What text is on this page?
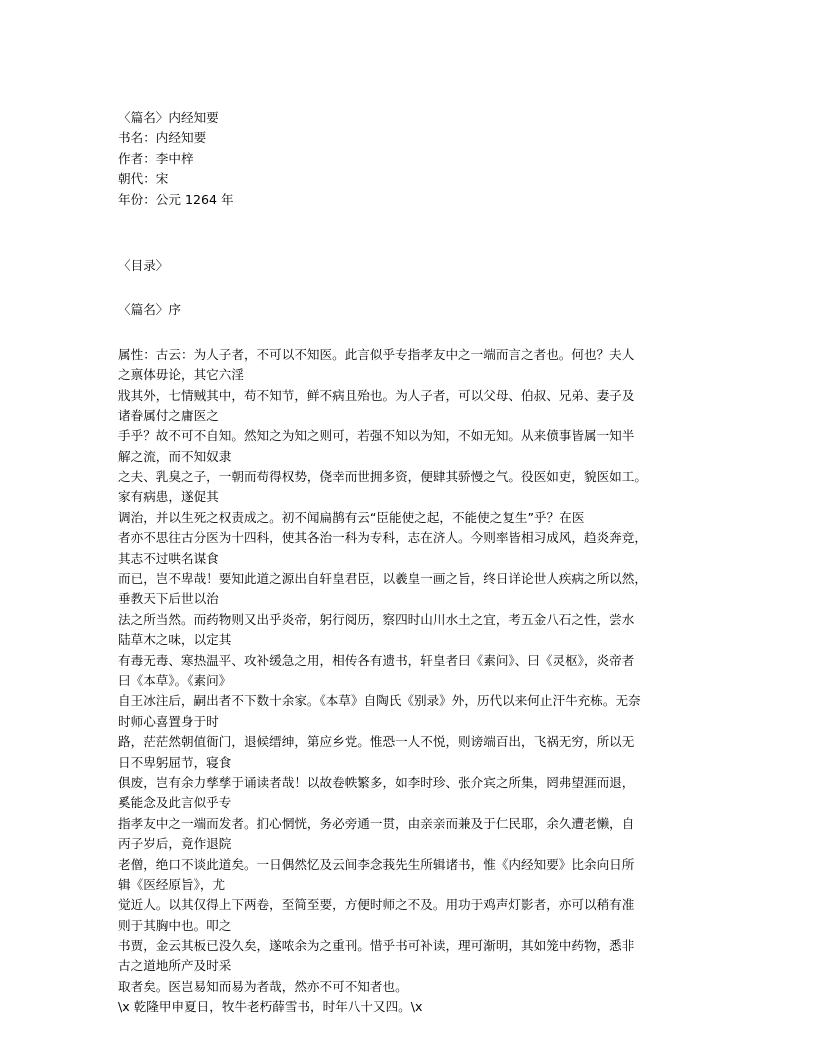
〈篇名〉内经知要
书名：内经知要
作者：李中梓
朝代：宋
年份：公元 1264 年
〈目录〉
〈篇名〉序
属性：古云：为人子者，不可以不知医。此言似乎专指孝友中之一端而言之者也。何也？夫人
之禀体毋论，其它六淫
戕其外，七情贼其中，苟不知节，鲜不病且殆也。为人子者，可以父母、伯叔、兄弟、妻子及
诸眷属付之庸医之
手乎？故不可不自知。然知之为知之则可，若强不知以为知，不如无知。从来偾事皆属一知半
解之流，而不知奴隶
之夫、乳臭之子，一朝而苟得权势，侥幸而世拥多资，便肆其骄慢之气。役医如吏，貌医如工。
家有病患，遂促其
调治，并以生死之权责成之。初不闻扁鹊有云“臣能使之起，不能使之复生”乎？在医
者亦不思往古分医为十四科，使其各治一科为专科，志在济人。今则率皆相习成风，趋炎奔竞，
其志不过哄名谋食
而已，岂不卑哉！要知此道之源出自轩皇君臣，以羲皇一画之旨，终日详论世人疾病之所以然，
垂教天下后世以治
法之所当然。而药物则又出乎炎帝，躬行阅历，察四时山川水土之宜，考五金八石之性，尝水
陆草木之味，以定其
有毒无毒、寒热温平、攻补缓急之用，相传各有遗书，轩皇者曰《素问》、曰《灵枢》，炎帝者
曰《本草》。《素问》
自王冰注后，嗣出者不下数十余家。《本草》自陶氏《别录》外，历代以来何止汗牛充栋。无奈
时师心喜置身于时
路，茫茫然朝值衙门，退候缙绅，第应乡党。惟恐一人不悦，则谤端百出，飞祸无穷，所以无
日不卑躬屈节，寝食
俱废，岂有余力孳孳于诵读者哉！以故卷帙繁多，如李时珍、张介宾之所集，罔弗望涯而退，
奚能念及此言似乎专
指孝友中之一端而发者。扪心惘恍，务必旁通一贯，由亲亲而兼及于仁民耶，余久遭老懒，自
丙子岁后，竟作退院
老僧，绝口不谈此道矣。一日偶然忆及云间李念莪先生所辑诸书，惟《内经知要》比余向日所
辑《医经原旨》，尤
觉近人。以其仅得上下两卷，至简至要，方便时师之不及。用功于鸡声灯影者，亦可以稍有准
则于其胸中也。叩之
书贾，金云其板已没久矣，遂哝余为之重刊。惜乎书可补读，理可渐明，其如笼中药物，悉非
古之道地所产及时采
取者矣。医岂易知而易为者哉，然亦不可不知者也。
\x 乾隆甲申夏日，牧牛老朽薛雪书，时年八十又四。\x
